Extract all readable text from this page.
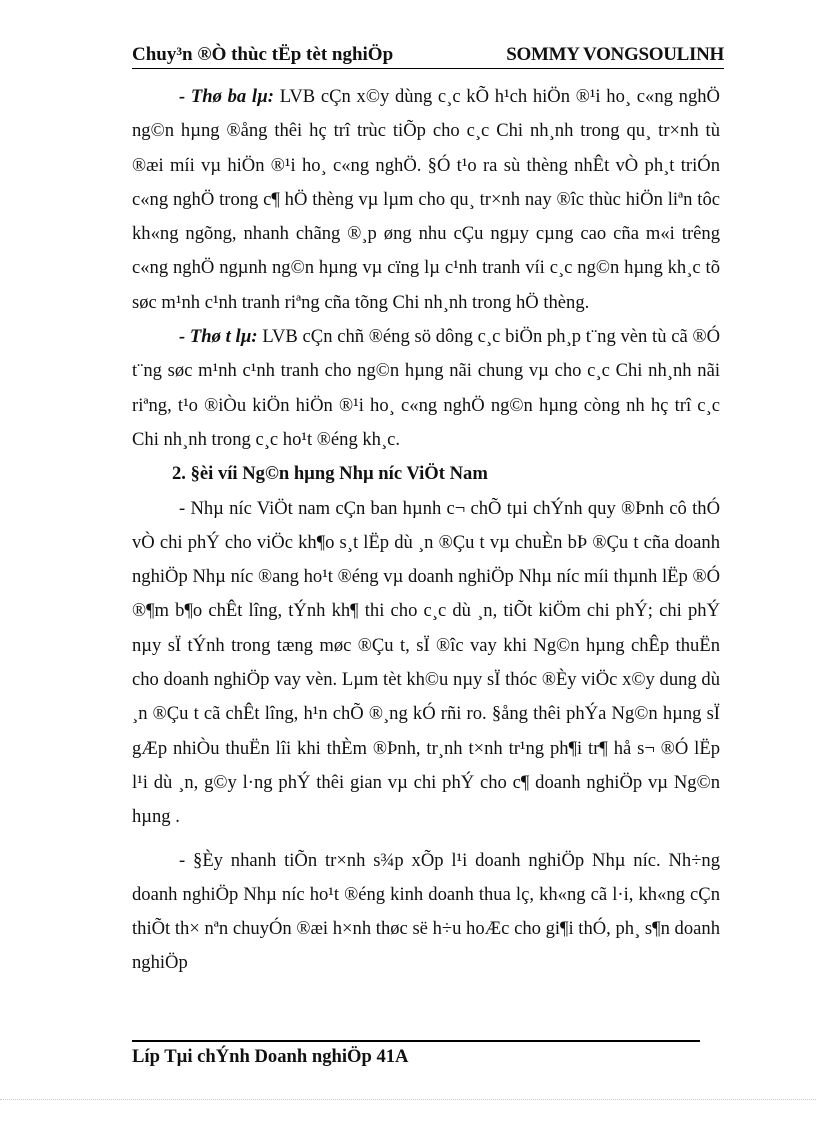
Chuy³n ®Ò thùc tËp tèt nghiÖp	SOMMY VONGSOULINH

- Thø ba lµ: LVB cÇn x©y dùng c¸c kÕ h¹ch hiÖn ®¹i ho¸ c«ng nghÖ ng©n hµng ®ång thêi hç trî trùc tiÕp cho c¸c Chi nh¸nh trong qu¸ tr×nh tù ®æi míi vµ hiÖn ®¹i ho¸ c«ng nghÖ. §Ó t¹o ra sù thèng nhÊt vÒ ph¸t triÓn c«ng nghÖ trong c¶ hÖ thèng vµ lµm cho qu¸ tr×nh nay ®îc thùc hiÖn liªn tôc kh«ng ngõng, nhanh chãng ®¸p øng nhu cÇu ngµy cµng cao cña m«i trêng c«ng nghÖ ngµnh ng©n hµng vµ cïng lµ c¹nh tranh víi c¸c ng©n hµng kh¸c tõ søc m¹nh c¹nh tranh riªng cña tõng Chi nh¸nh trong hÖ thèng.

- Thø t lµ: LVB cÇn chñ ®éng sö dông c¸c biÖn ph¸p t¨ng vèn tù cã ®Ó t¨ng søc m¹nh c¹nh tranh cho ng©n hµng nãi chung vµ cho c¸c Chi nh¸nh nãi riªng, t¹o ®iÒu kiÖn hiÖn ®¹i ho¸ c«ng nghÖ ng©n hµng còng nh hç trî c¸c Chi nh¸nh trong c¸c ho¹t ®éng kh¸c.

2. §èi víi Ng©n hµng Nhµ níc ViÖt Nam

- Nhµ níc ViÖt nam cÇn ban hµnh c¬ chÕ tµi chÝnh quy ®Þnh cô thÓ vÒ chi phÝ cho viÖc kh¶o s¸t lËp dù ¸n ®Çu t vµ chuÈn bÞ ®Çu t cña doanh nghiÖp Nhµ níc ®ang ho¹t ®éng vµ doanh nghiÖp Nhµ níc míi thµnh lËp ®Ó ®¶m b¶o chÊt lîng, tÝnh kh¶ thi cho c¸c dù ¸n, tiÕt kiÖm chi phÝ; chi phÝ nµy sÏ tÝnh trong tæng møc ®Çu t, sÏ ®îc vay khi Ng©n hµng chÊp thuËn cho doanh nghiÖp vay vèn. Lµm tèt kh©u nµy sÏ thóc ®Èy viÖc x©y dung dù ¸n ®Çu t cã chÊt lîng, h¹n chÕ ®¸ng kÓ rñi ro. §ång thêi phÝa Ng©n hµng sÏ gÆp nhiÒu thuËn lîi khi thÈm ®Þnh, tr¸nh t×nh tr¹ng ph¶i tr¶ hå s¬ ®Ó lËp l¹i dù ¸n, g©y l·ng phÝ thêi gian vµ chi phÝ cho c¶ doanh nghiÖp vµ Ng©n hµng .

- §Èy nhanh tiÕn tr×nh s¾p xÕp l¹i doanh nghiÖp Nhµ níc. Nh÷ng doanh nghiÖp Nhµ níc ho¹t ®éng kinh doanh thua lç, kh«ng cã l·i, kh«ng cÇn thiÕt th× nªn chuyÓn ®æi h×nh thøc së h÷u hoÆc cho gi¶i thÓ, ph¸ s¶n doanh nghiÖp

Líp Tµi chÝnh Doanh nghiÖp 41A
